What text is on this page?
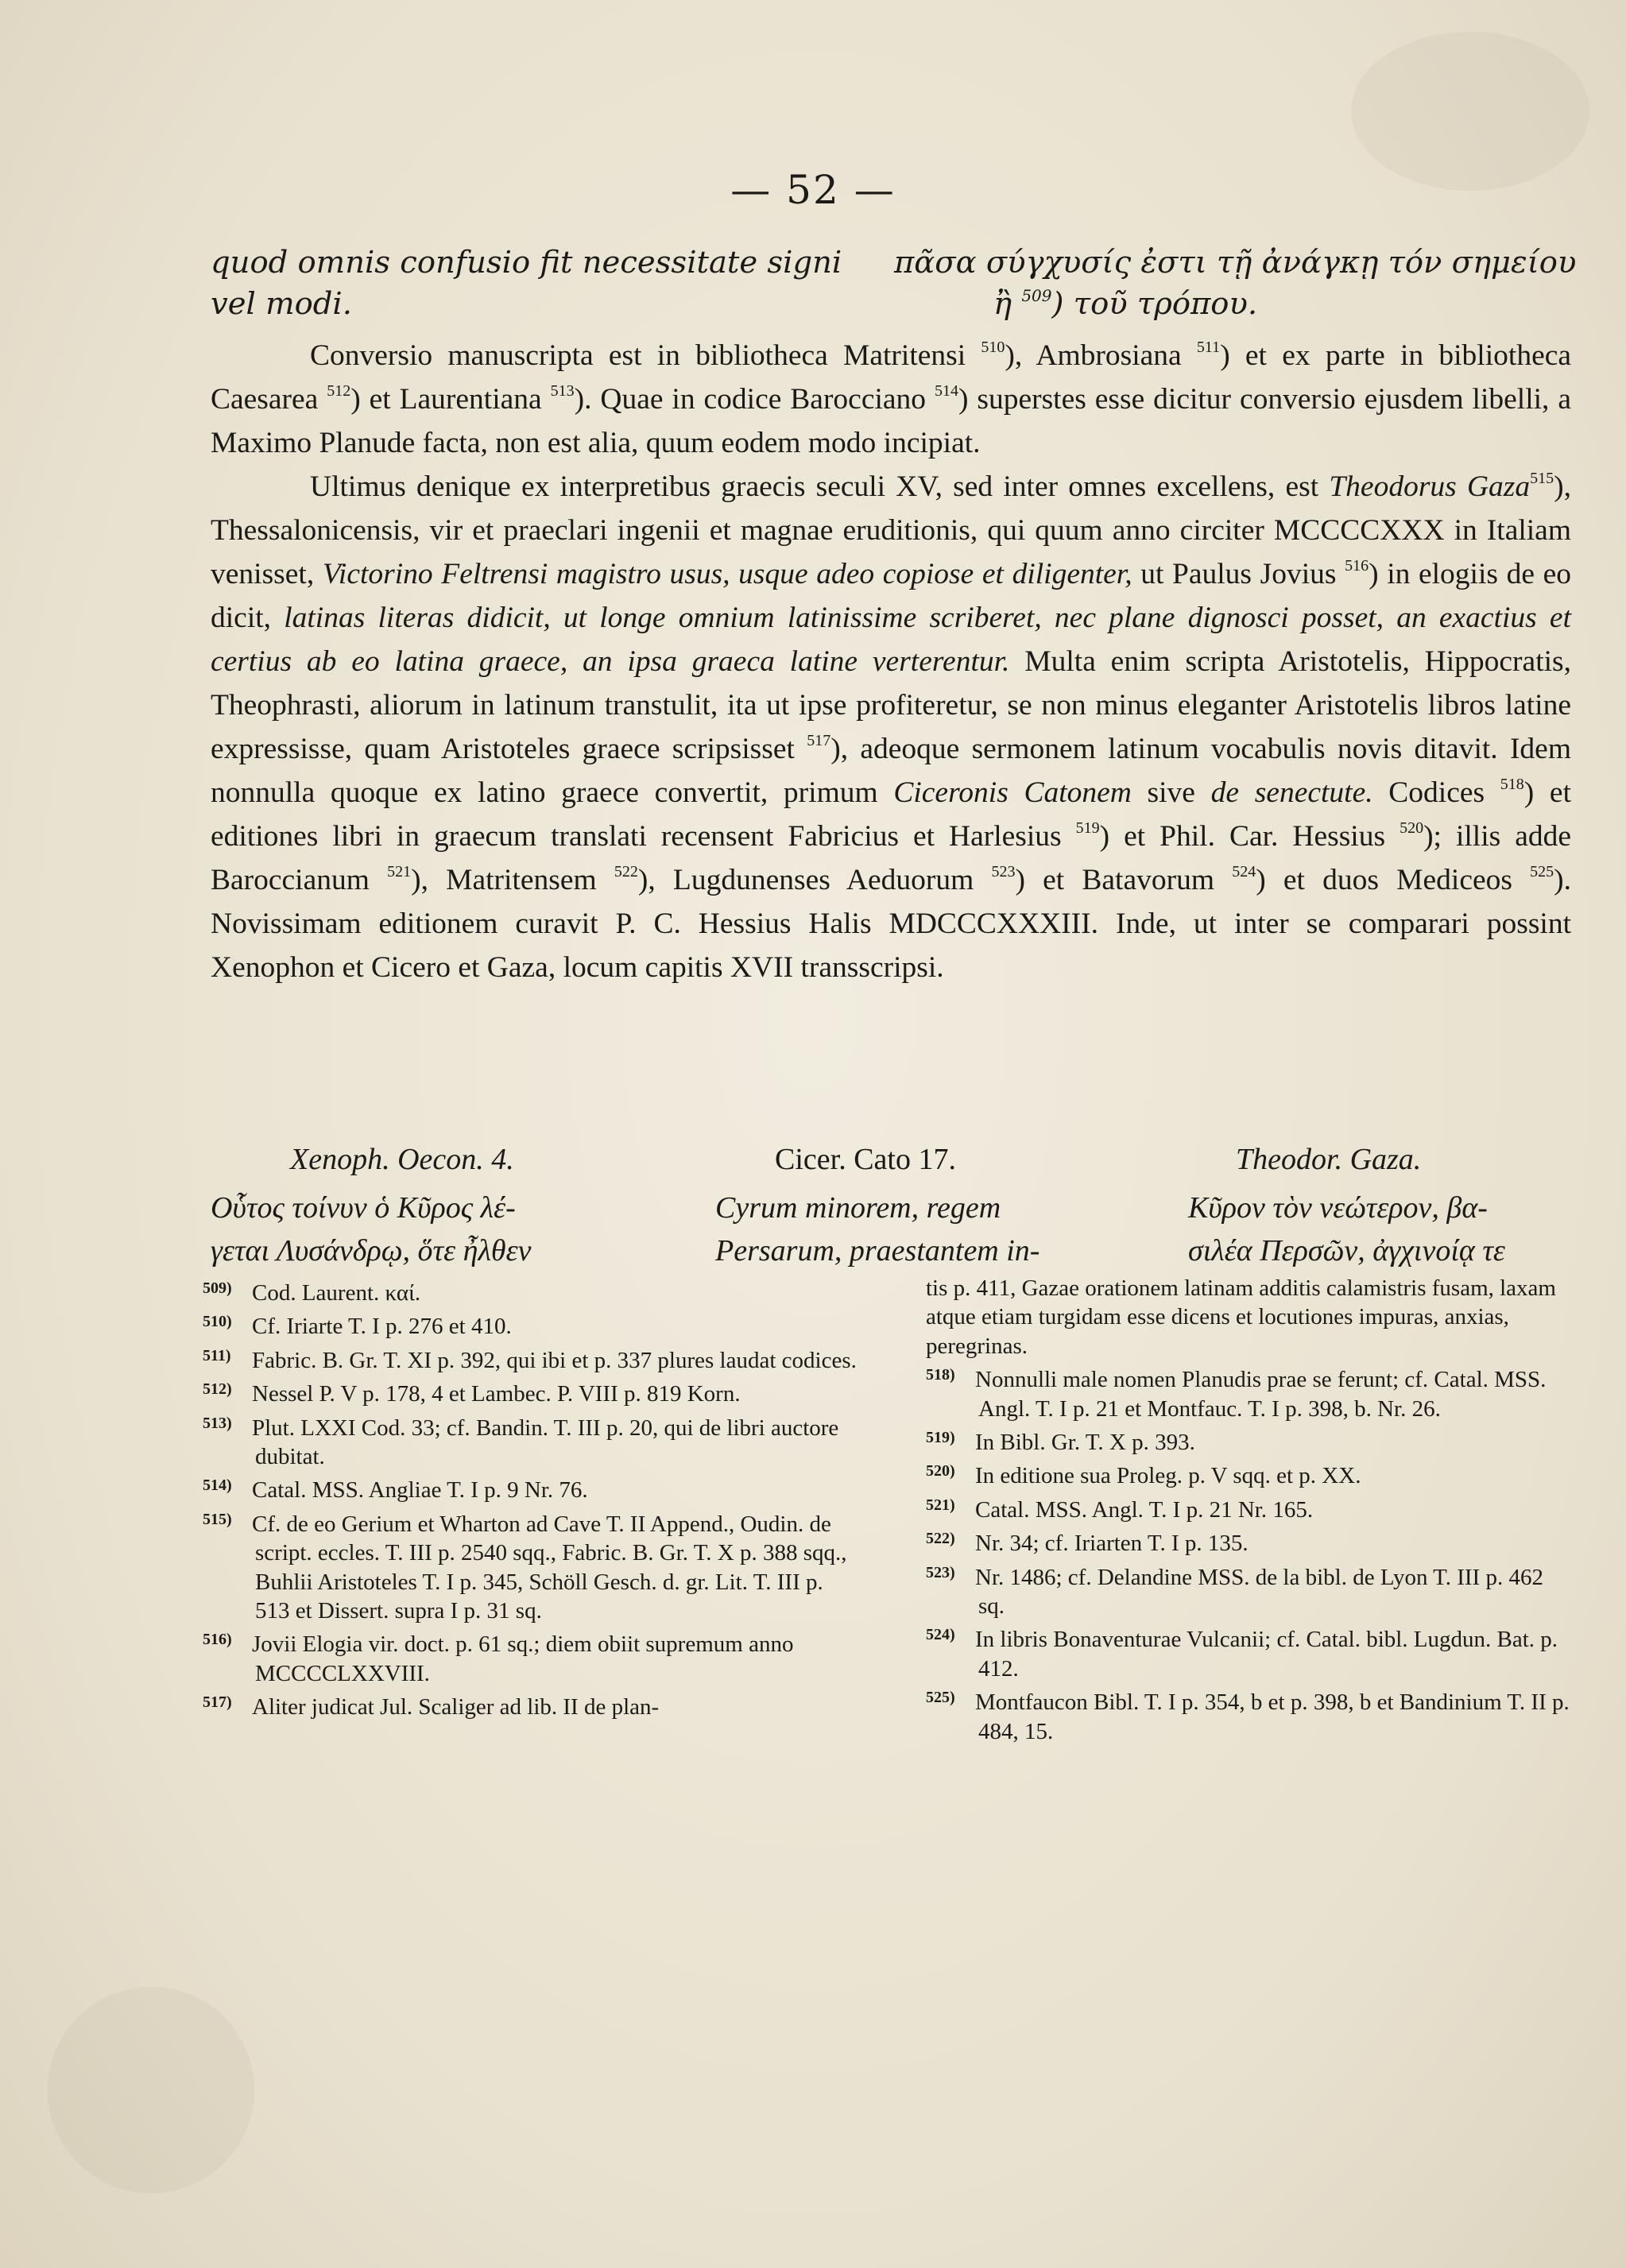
— 52 —
quod omnis confusio fit necessitate signi
vel modi.
πᾶσα σύγχυσίς ἐστι τῇ ἀνάγκῃ τόν σημείου
ἢ $^{509}$) τοῦ τρόπου.

Conversio manuscripta est in bibliotheca Matritensi $^{510}$), Ambrosiana $^{511}$) et ex parte in bibliotheca Caesarea $^{512}$) et Laurentiana $^{513}$). Quae in codice Barocciano $^{514}$) superstes esse dicitur conversio ejusdem libelli, a Maximo Planude facta, non est alia, quum eodem modo incipiat.

Ultimus denique ex interpretibus graecis seculi XV, sed inter omnes excellens, est Theodorus Gaza$^{515}$), Thessalonicensis, vir et praeclari ingenii et magnae eruditionis, qui quum anno circiter MCCCCXXX in Italiam venisset, Victorino Feltrensi magistro usus, usque adeo copiose et diligenter, ut Paulus Jovius $^{516}$) in elogiis de eo dicit, latinas literas didicit, ut longe omnium latinissime scriberet, nec plane dignosci posset, an exactius et certius ab eo latina graece, an ipsa graeca latine verterentur. Multa enim scripta Aristotelis, Hippocratis, Theophrasti, aliorum in latinum transtulit, ita ut ipse profiteretur, se non minus eleganter Aristotelis libros latine expressisse, quam Aristoteles graece scripsisset $^{517}$), adeoque sermonem latinum vocabulis novis ditavit. Idem nonnulla quoque ex latino graece convertit, primum Ciceronis Catonem sive de senectute. Codices $^{518}$) et editiones libri in graecum translati recensent Fabricius et Harlesius $^{519}$) et Phil. Car. Hessius $^{520}$); illis adde Baroccianum $^{521}$), Matritensem $^{522}$), Lugdunenses Aeduorum $^{523}$) et Batavorum $^{524}$) et duos Mediceos $^{525}$). Novissimam editionem curavit P. C. Hessius Halis MDCCCXXXIII. Inde, ut inter se comparari possint Xenophon et Cicero et Gaza, locum capitis XVII transscripsi.

Xenoph. Oecon. 4.	Cicer. Cato 17.	Theodor. Gaza.
Οὗτος τοίνυν ὁ Κῦρος λέ-
γεται Λυσάνδρῳ, ὅτε ἦλθεν
Cyrum minorem, regem
Persarum, praestantem in-
Κῦρον τὸν νεώτερον, βα-
σιλέα Περσῶν, ἀγχινοίᾳ τε

509) Cod. Laurent. καί.

510) Cf. Iriarte T. I p. 276 et 410.

511) Fabric. B. Gr. T. XI p. 392, qui ibi et p. 337 plures laudat codices.

512) Nessel P. V p. 178, 4 et Lambec. P. VIII p. 819 Korn.

513) Plut. LXXI Cod. 33; cf. Bandin. T. III p. 20, qui de libri auctore dubitat.

514) Catal. MSS. Angliae T. I p. 9 Nr. 76.

515) Cf. de eo Gerium et Wharton ad Cave T. II Append., Oudin. de script. eccles. T. III p. 2540 sqq., Fabric. B. Gr. T. X p. 388 sqq., Buhlii Aristoteles T. I p. 345, Schöll Gesch. d. gr. Lit. T. III p. 513 et Dissert. supra I p. 31 sq.

516) Jovii Elogia vir. doct. p. 61 sq.; diem obiit supremum anno MCCCCLXXVIII.

517) Aliter judicat Jul. Scaliger ad lib. II de plan-

tis p. 411, Gazae orationem latinam additis calamistris fusam, laxam atque etiam turgidam esse dicens et locutiones impuras, anxias, peregrinas.

518) Nonnulli male nomen Planudis prae se ferunt; cf. Catal. MSS. Angl. T. I p. 21 et Montfauc. T. I p. 398, b. Nr. 26.

519) In Bibl. Gr. T. X p. 393.

520) In editione sua Proleg. p. V sqq. et p. XX.

521) Catal. MSS. Angl. T. I p. 21 Nr. 165.

522) Nr. 34; cf. Iriarten T. I p. 135.

523) Nr. 1486; cf. Delandine MSS. de la bibl. de Lyon T. III p. 462 sq.

524) In libris Bonaventurae Vulcanii; cf. Catal. bibl. Lugdun. Bat. p. 412.

525) Montfaucon Bibl. T. I p. 354, b et p. 398, b et Bandinium T. II p. 484, 15.
